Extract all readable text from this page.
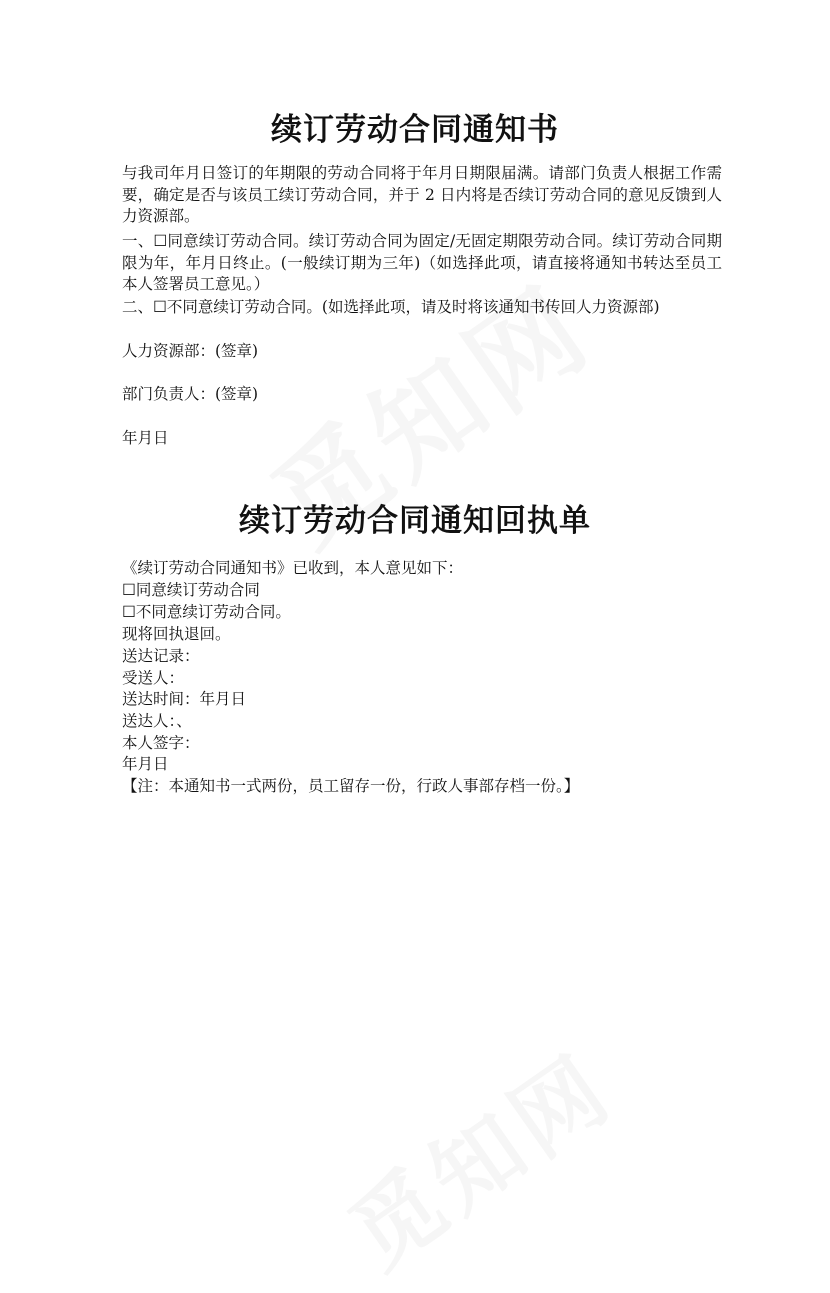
续订劳动合同通知书

与我司年月日签订的年期限的劳动合同将于年月日期限届满。请部门负责人根据工作需要，确定是否与该员工续订劳动合同，并于 2 日内将是否续订劳动合同的意见反馈到人力资源部。

一、☐同意续订劳动合同。续订劳动合同为固定/无固定期限劳动合同。续订劳动合同期限为年，年月日终止。(一般续订期为三年)（如选择此项，请直接将通知书转达至员工本人签署员工意见。）

二、☐不同意续订劳动合同。(如选择此项，请及时将该通知书传回人力资源部)

人力资源部：(签章)
部门负责人：(签章)
年月日
续订劳动合同通知回执单
《续订劳动合同通知书》已收到，本人意见如下：
☐同意续订劳动合同
☐不同意续订劳动合同。
现将回执退回。
送达记录：
受送人：
送达时间：年月日
送达人：、
本人签字：
年月日
【注：本通知书一式两份，员工留存一份，行政人事部存档一份。】
